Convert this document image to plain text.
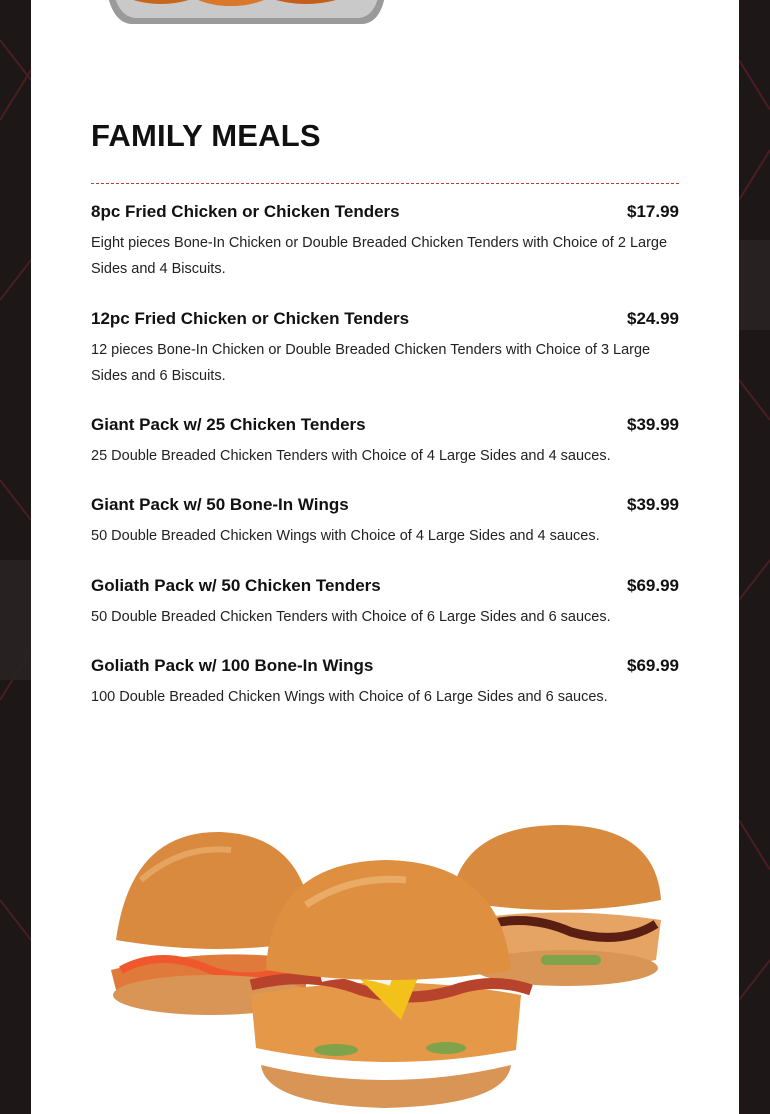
FAMILY MEALS
8pc Fried Chicken or Chicken Tenders	$17.99
Eight pieces Bone-In Chicken or Double Breaded Chicken Tenders with Choice of 2 Large Sides and 4 Biscuits.
12pc Fried Chicken or Chicken Tenders	$24.99
12 pieces Bone-In Chicken or Double Breaded Chicken Tenders with Choice of 3 Large Sides and 6 Biscuits.
Giant Pack w/ 25 Chicken Tenders	$39.99
25 Double Breaded Chicken Tenders with Choice of 4 Large Sides and 4 sauces.
Giant Pack w/ 50 Bone-In Wings	$39.99
50 Double Breaded Chicken Wings with Choice of 4 Large Sides and 4 sauces.
Goliath Pack w/ 50 Chicken Tenders	$69.99
50 Double Breaded Chicken Tenders with Choice of 6 Large Sides and 6 sauces.
Goliath Pack w/ 100 Bone-In Wings	$69.99
100 Double Breaded Chicken Wings with Choice of 6 Large Sides and 6 sauces.
